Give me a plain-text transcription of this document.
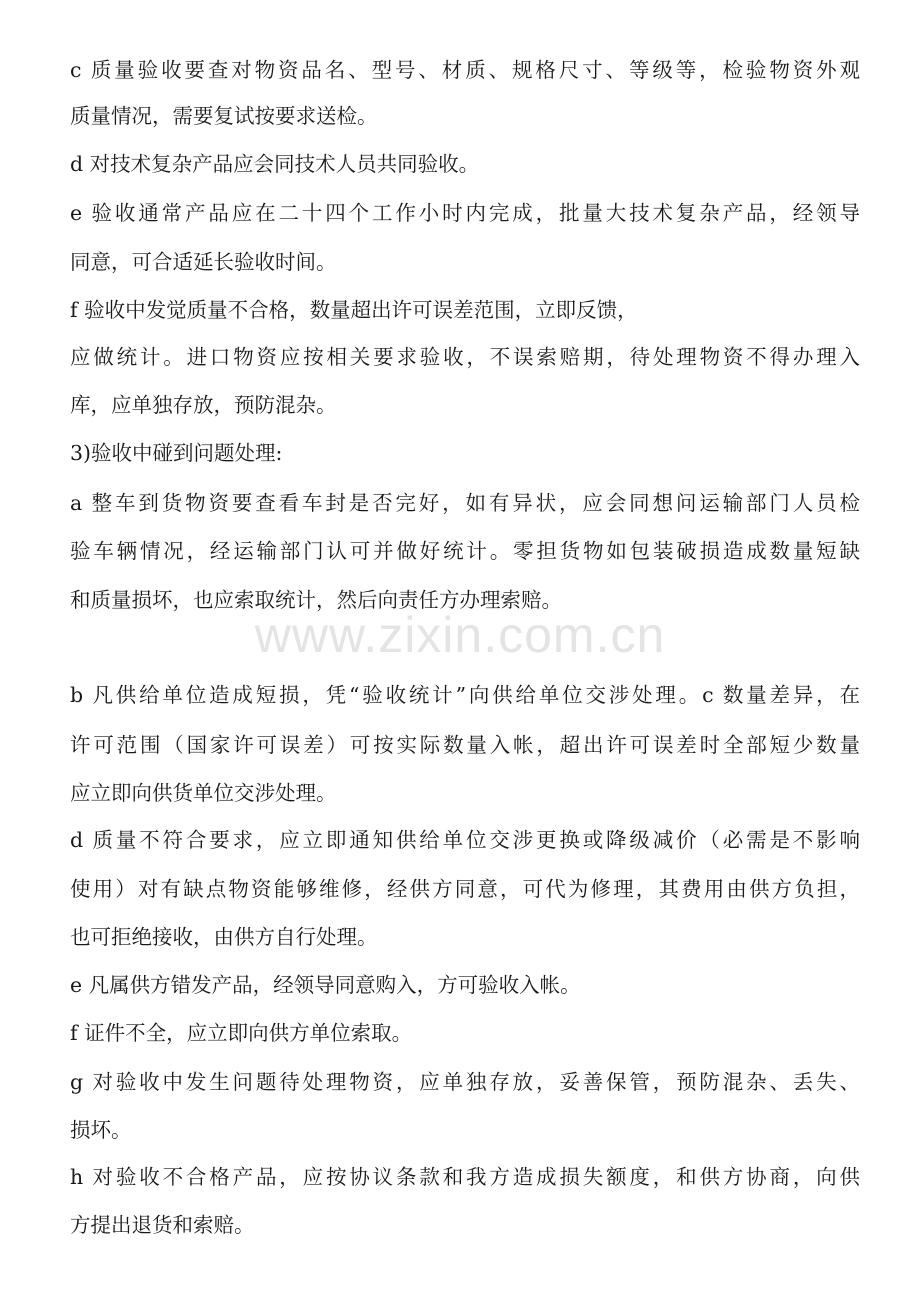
www.zixin.com.cn
c 质量验收要查对物资品名、型号、材质、规格尺寸、等级等，检验物资外观
质量情况，需要复试按要求送检。
d 对技术复杂产品应会同技术人员共同验收。
e 验收通常产品应在二十四个工作小时内完成，批量大技术复杂产品，经领导
同意，可合适延长验收时间。
f 验收中发觉质量不合格，数量超出许可误差范围，立即反馈，
应做统计。进口物资应按相关要求验收，不误索赔期，待处理物资不得办理入
库，应单独存放，预防混杂。
3)验收中碰到问题处理:
a 整车到货物资要查看车封是否完好，如有异状，应会同想问运输部门人员检
验车辆情况，经运输部门认可并做好统计。零担货物如包装破损造成数量短缺
和质量损坏，也应索取统计，然后向责任方办理索赔。
b 凡供给单位造成短损，凭“验收统计”向供给单位交涉处理。c 数量差异，在
许可范围（国家许可误差）可按实际数量入帐，超出许可误差时全部短少数量
应立即向供货单位交涉处理。
d 质量不符合要求，应立即通知供给单位交涉更换或降级减价（必需是不影响
使用）对有缺点物资能够维修，经供方同意，可代为修理，其费用由供方负担，
也可拒绝接收，由供方自行处理。
e 凡属供方错发产品，经领导同意购入，方可验收入帐。
f 证件不全，应立即向供方单位索取。
g 对验收中发生问题待处理物资，应单独存放，妥善保管，预防混杂、丢失、
损坏。
h 对验收不合格产品，应按协议条款和我方造成损失额度，和供方协商，向供
方提出退货和索赔。
